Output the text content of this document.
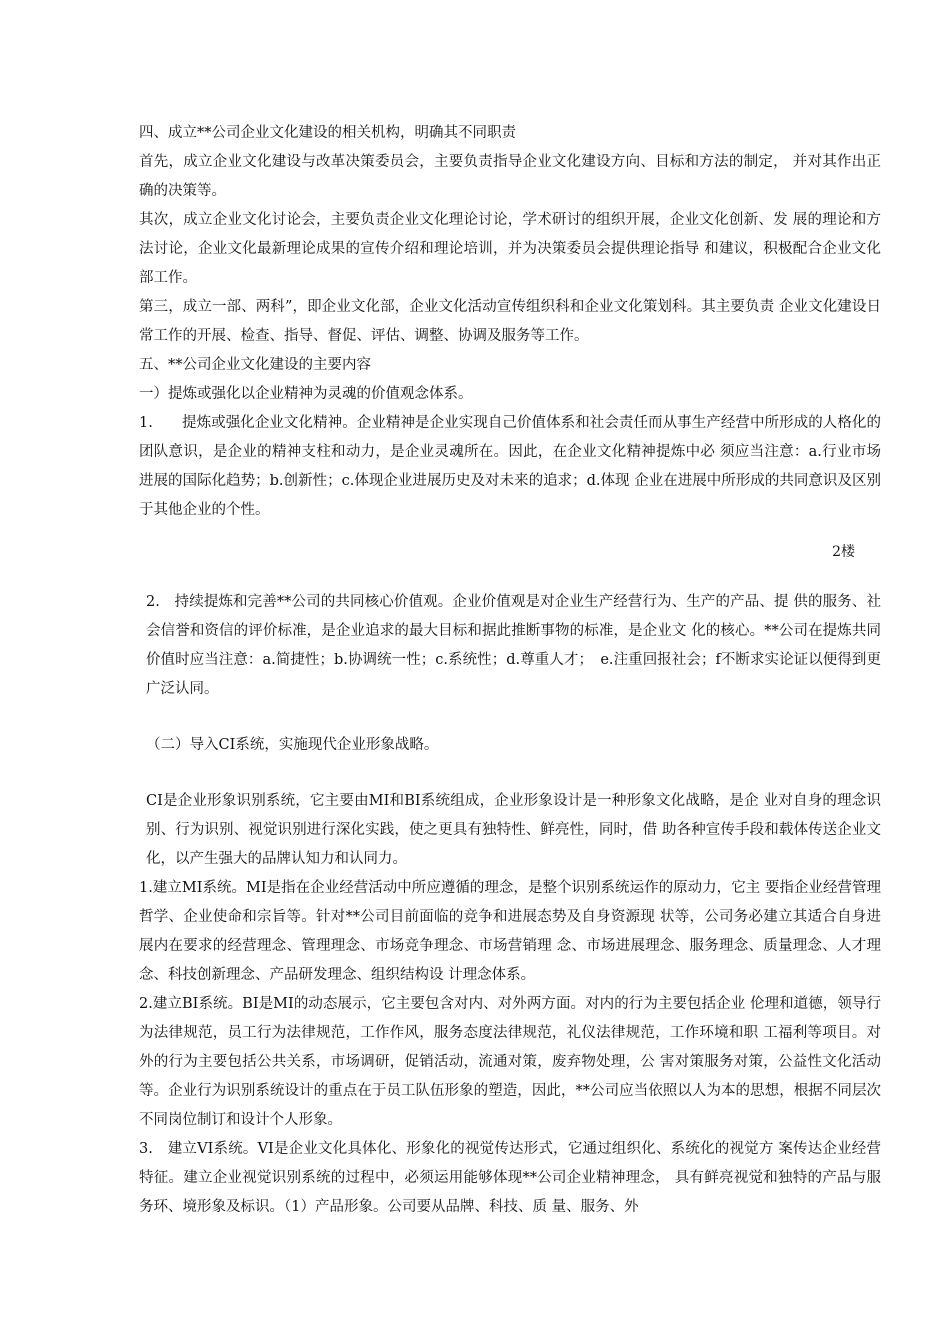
四、成立**公司企业文化建设的相关机构，明确其不同职责

首先，成立企业文化建设与改革决策委员会，主要负责指导企业文化建设方向、目标和方法的制定， 并对其作出正确的决策等。

其次，成立企业文化讨论会，主要负责企业文化理论讨论，学术研讨的组织开展，企业文化创新、发 展的理论和方法讨论，企业文化最新理论成果的宣传介绍和理论培训，并为决策委员会提供理论指导 和建议，积极配合企业文化部工作。

第三，成立一部、两科”，即企业文化部，企业文化活动宣传组织科和企业文化策划科。其主要负责 企业文化建设日常工作的开展、检查、指导、督促、评估、调整、协调及服务等工作。

五、**公司企业文化建设的主要内容
一）提炼或强化以企业精神为灵魂的价值观念体系。

1.　　提炼或强化企业文化精神。企业精神是企业实现自己价值体系和社会责任而从事生产经营中所形成的人格化的团队意识，是企业的精神支柱和动力，是企业灵魂所在。因此，在企业文化精神提炼中必 须应当注意：a.行业市场进展的国际化趋势；b.创新性；c.体现企业进展历史及对未来的追求；d.体现 企业在进展中所形成的共同意识及区别于其他企业的个性。

2楼

2.　持续提炼和完善**公司的共同核心价值观。企业价值观是对企业生产经营行为、生产的产品、提 供的服务、社会信誉和资信的评价标准，是企业追求的最大目标和据此推断事物的标准，是企业文 化的核心。**公司在提炼共同价值时应当注意：a.简捷性；b.协调统一性；c.系统性；d.尊重人才；　e.注重回报社会；f不断求实论证以便得到更广泛认同。

（二）导入CI系统，实施现代企业形象战略。

CI是企业形象识别系统，它主要由MI和BI系统组成，企业形象设计是一种形象文化战略，是企 业对自身的理念识别、行为识别、视觉识别进行深化实践，使之更具有独特性、鲜亮性，同时，借 助各种宣传手段和载体传送企业文化，以产生强大的品牌认知力和认同力。

1.建立MI系统。MI是指在企业经营活动中所应遵循的理念，是整个识别系统运作的原动力，它主 要指企业经营管理哲学、企业使命和宗旨等。针对**公司目前面临的竞争和进展态势及自身资源现 状等，公司务必建立其适合自身进展内在要求的经营理念、管理理念、市场竞争理念、市场营销理 念、市场进展理念、服务理念、质量理念、人才理念、科技创新理念、产品研发理念、组织结构设 计理念体系。

2.建立BI系统。BI是MI的动态展示，它主要包含对内、对外两方面。对内的行为主要包括企业 伦理和道德，领导行为法律规范，员工行为法律规范，工作作风，服务态度法律规范，礼仪法律规范，工作环境和职 工福利等项目。对外的行为主要包括公共关系，市场调研，促销活动，流通对策，废弃物处理，公 害对策服务对策，公益性文化活动等。企业行为识别系统设计的重点在于员工队伍形象的塑造，因此，**公司应当依照以人为本的思想，根据不同层次不同岗位制订和设计个人形象。

3.　建立VI系统。VI是企业文化具体化、形象化的视觉传达形式，它通过组织化、系统化的视觉方 案传达企业经营特征。建立企业视觉识别系统的过程中，必须运用能够体现**公司企业精神理念， 具有鲜亮视觉和独特的产品与服务环、境形象及标识。（1）产品形象。公司要从品牌、科技、质 量、服务、外
